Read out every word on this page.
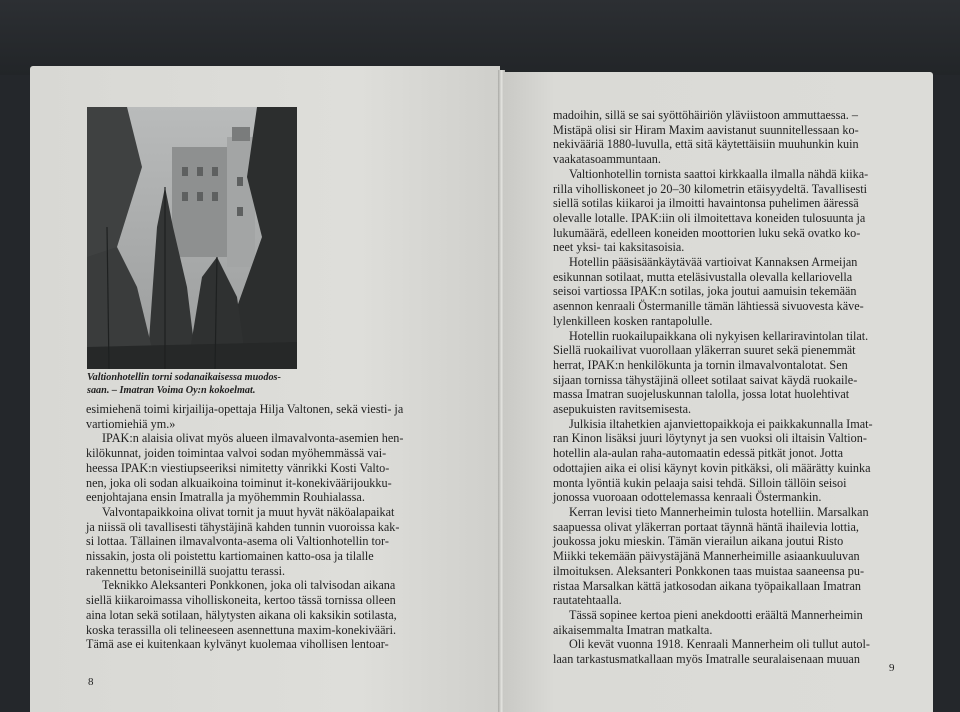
Valtionhotellin torni sodanaikaisessa muodos-
saan. – Imatran Voima Oy:n kokoelmat.
esimiehenä toimi kirjailija-opettaja Hilja Valtonen, sekä viesti- ja
vartiomiehiä ym.»
IPAK:n alaisia olivat myös alueen ilmavalvonta-asemien hen-
kilökunnat, joiden toimintaa valvoi sodan myöhemmässä vai-
heessa IPAK:n viestiupseeriksi nimitetty vänrikki Kosti Valto-
nen, joka oli sodan alkuaikoina toiminut it-konekiväärijoukku-
eenjohtajana ensin Imatralla ja myöhemmin Rouhialassa.
Valvontapaikkoina olivat tornit ja muut hyvät näköalapaikat
ja niissä oli tavallisesti tähystäjinä kahden tunnin vuoroissa kak-
si lottaa. Tällainen ilmavalvonta-asema oli Valtionhotellin tor-
nissakin, josta oli poistettu kartiomainen katto-osa ja tilalle
rakennettu betoniseinillä suojattu terassi.
Teknikko Aleksanteri Ponkkonen, joka oli talvisodan aikana
siellä kiikaroimassa viholliskoneita, kertoo tässä tornissa olleen
aina lotan sekä sotilaan, hälytysten aikana oli kaksikin sotilasta,
koska terassilla oli telineeseen asennettuna maxim-konekivääri.
Tämä ase ei kuitenkaan kylvänyt kuolemaa vihollisen lentoar-
8
madoihin, sillä se sai syöttöhäiriön yläviistoon ammuttaessa. –
Mistäpä olisi sir Hiram Maxim aavistanut suunnitellessaan ko-
nekivääriä 1880-luvulla, että sitä käytettäisiin muuhunkin kuin
vaakatasoammuntaan.
Valtionhotellin tornista saattoi kirkkaalla ilmalla nähdä kiika-
rilla viholliskoneet jo 20–30 kilometrin etäisyydeltä. Tavallisesti
siellä sotilas kiikaroi ja ilmoitti havaintonsa puhelimen ääressä
olevalle lotalle. IPAK:iin oli ilmoitettava koneiden tulosuunta ja
lukumäärä, edelleen koneiden moottorien luku sekä ovatko ko-
neet yksi- tai kaksitasoisia.
Hotellin pääsisäänkäytävää vartioivat Kannaksen Armeijan
esikunnan sotilaat, mutta eteläsivustalla olevalla kellariovella
seisoi vartiossa IPAK:n sotilas, joka joutui aamuisin tekemään
asennon kenraali Östermanille tämän lähtiessä sivuovesta käve-
lylenkilleen kosken rantapolulle.
Hotellin ruokailupaikkana oli nykyisen kellariravintolan tilat.
Siellä ruokailivat vuorollaan yläkerran suuret sekä pienemmät
herrat, IPAK:n henkilökunta ja tornin ilmavalvontalotat. Sen
sijaan tornissa tähystäjinä olleet sotilaat saivat käydä ruokaile-
massa Imatran suojeluskunnan talolla, jossa lotat huolehtivat
asepukuisten ravitsemisesta.
Julkisia iltahetkien ajanviettopaikkoja ei paikkakunnalla Imat-
ran Kinon lisäksi juuri löytynyt ja sen vuoksi oli iltaisin Valtion-
hotellin ala-aulan raha-automaatin edessä pitkät jonot. Jotta
odottajien aika ei olisi käynyt kovin pitkäksi, oli määrätty kuinka
monta lyöntiä kukin pelaaja saisi tehdä. Silloin tällöin seisoi
jonossa vuoroaan odottelemassa kenraali Östermankin.
Kerran levisi tieto Mannerheimin tulosta hotelliin. Marsalkan
saapuessa olivat yläkerran portaat täynnä häntä ihailevia lottia,
joukossa joku mieskin. Tämän vierailun aikana joutui Risto
Miikki tekemään päivystäjänä Mannerheimille asiaankuuluvan
ilmoituksen. Aleksanteri Ponkkonen taas muistaa saaneensa pu-
ristaa Marsalkan kättä jatkosodan aikana työpaikallaan Imatran
rautatehtaalla.
Tässä sopinee kertoa pieni anekdootti eräältä Mannerheimin
aikaisemmalta Imatran matkalta.
Oli kevät vuonna 1918. Kenraali Mannerheim oli tullut autol-
laan tarkastusmatkallaan myös Imatralle seuralaisenaan muuan
9
